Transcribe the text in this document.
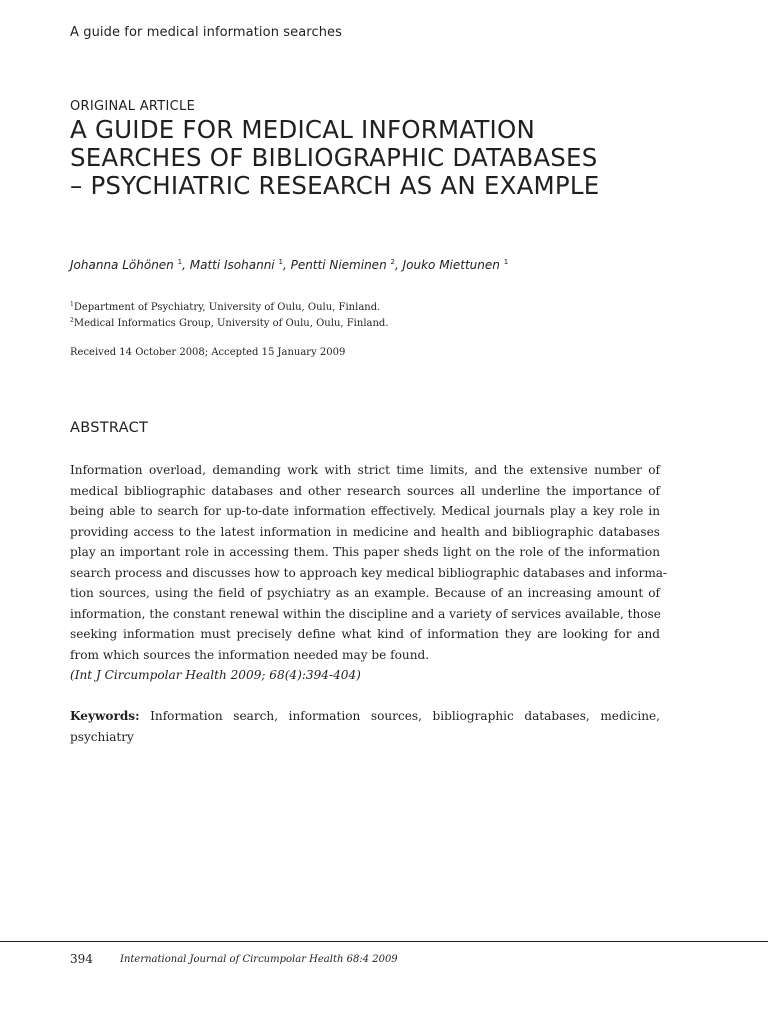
A guide for medical information searches
ORIGINAL ARTICLE
A GUIDE FOR MEDICAL INFORMATION
SEARCHES OF BIBLIOGRAPHIC DATABASES
– PSYCHIATRIC RESEARCH AS AN EXAMPLE
Johanna Löhönen $^1$, Matti Isohanni $^1$, Pentti Nieminen $^2$, Jouko Miettunen $^1$
$^1$Department of Psychiatry, University of Oulu, Oulu, Finland.
$^2$Medical Informatics Group, University of Oulu, Oulu, Finland.
Received 14 October 2008; Accepted 15 January 2009
ABSTRACT
Information overload, demanding work with strict time limits, and the extensive number of
medical bibliographic databases and other research sources all underline the importance of
being able to search for up-to-date information effectively. Medical journals play a key role in
providing access to the latest information in medicine and health and bibliographic databases
play an important role in accessing them. This paper sheds light on the role of the information
search process and discusses how to approach key medical bibliographic databases and informa-
tion sources, using the field of psychiatry as an example. Because of an increasing amount of
information, the constant renewal within the discipline and a variety of services available, those
seeking information must precisely define what kind of information they are looking for and
from which sources the information needed may be found.
(Int J Circumpolar Health 2009; 68(4):394-404)
Keywords: Information search, information sources, bibliographic databases, medicine,
psychiatry
394	International Journal of Circumpolar Health 68:4 2009
